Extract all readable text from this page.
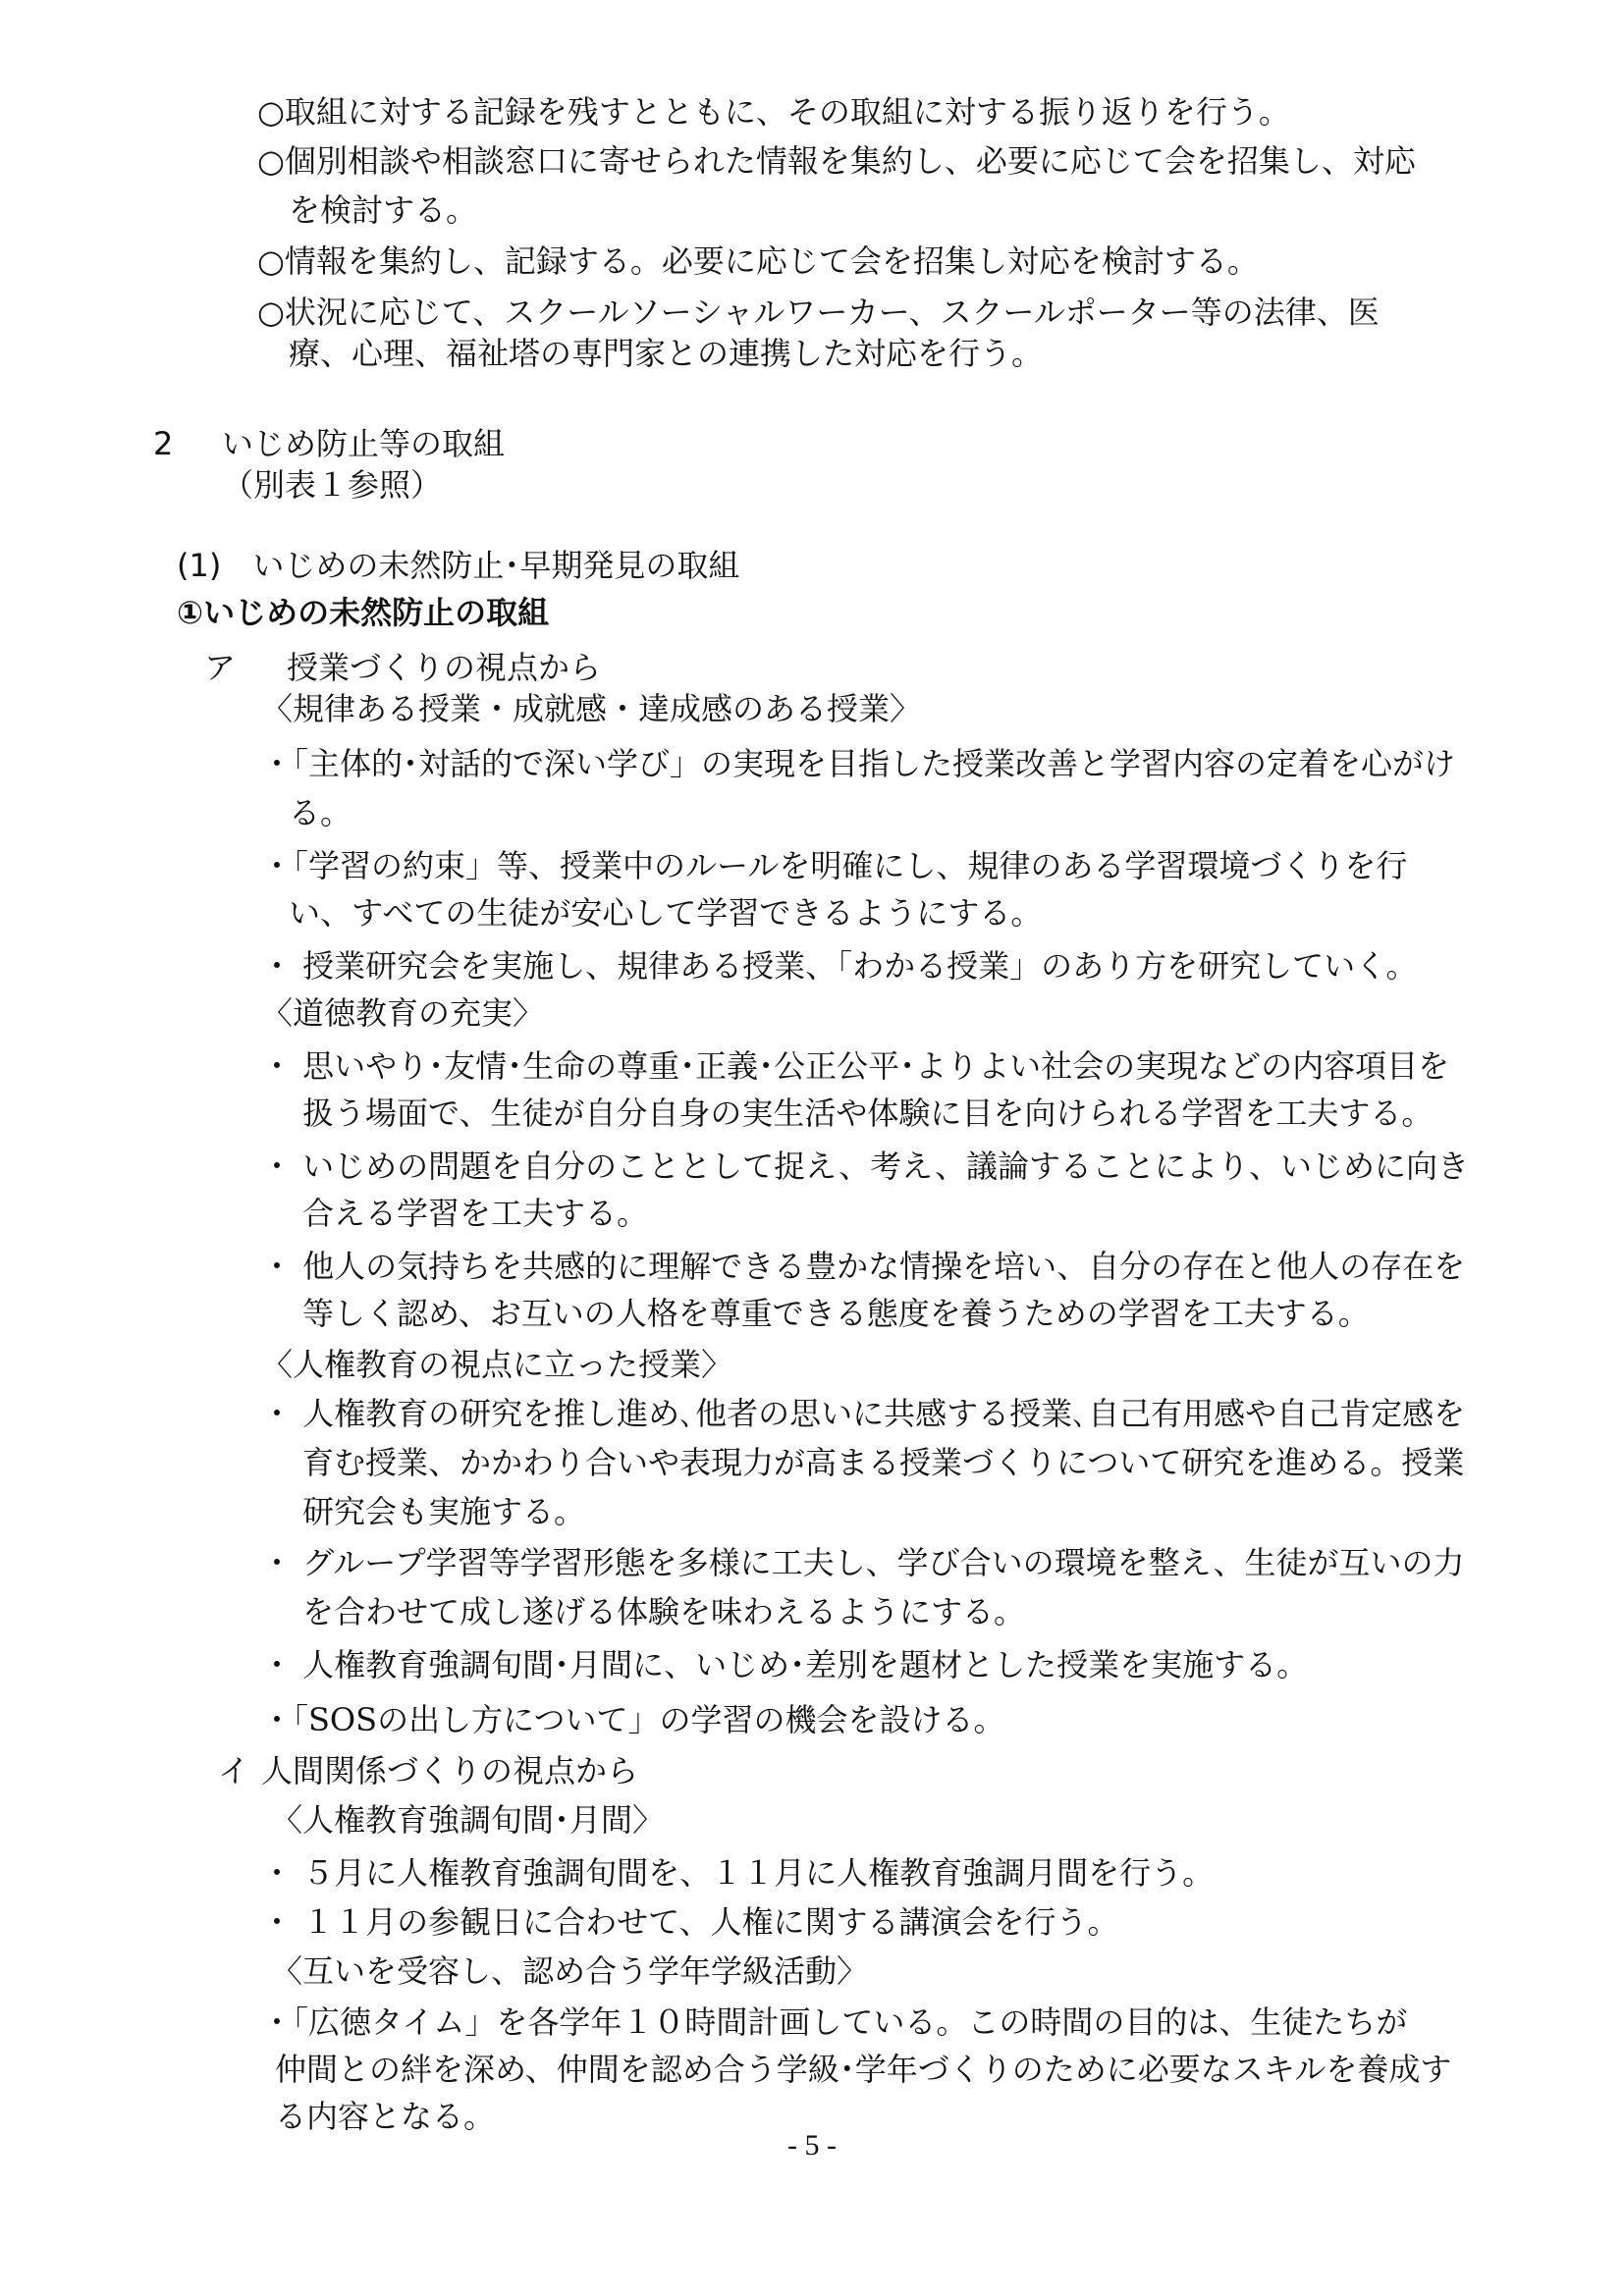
○取組に対する記録を残すとともに、その取組に対する振り返りを行う。
○個別相談や相談窓口に寄せられた情報を集約し、必要に応じて会を招集し、対応
を検討する。
○情報を集約し、記録する。必要に応じて会を招集し対応を検討する。
○状況に応じて、スクールソーシャルワーカー、スクールポーター等の法律、医
療、心理、福祉塔の専門家との連携した対応を行う。
2 いじめ防止等の取組
（別表１参照）
(1)　いじめの未然防止･早期発見の取組
①いじめの未然防止の取組
ア 授業づくりの視点から
〈規律ある授業・成就感・達成感のある授業〉
・「主体的･対話的で深い学び」の実現を目指した授業改善と学習内容の定着を心がけ
る。
・「学習の約束」等、授業中のルールを明確にし、規律のある学習環境づくりを行
い、すべての生徒が安心して学習できるようにする。
・ 授業研究会を実施し、規律ある授業、「わかる授業」のあり方を研究していく。
〈道徳教育の充実〉
・ 思いやり･友情･生命の尊重･正義･公正公平･よりよい社会の実現などの内容項目を
扱う場面で、生徒が自分自身の実生活や体験に目を向けられる学習を工夫する。
・ いじめの問題を自分のこととして捉え、考え、議論することにより、いじめに向き
合える学習を工夫する。
・ 他人の気持ちを共感的に理解できる豊かな情操を培い、自分の存在と他人の存在を
等しく認め、お互いの人格を尊重できる態度を養うための学習を工夫する。
〈人権教育の視点に立った授業〉
・ 人権教育の研究を推し進め､他者の思いに共感する授業､自己有用感や自己肯定感を
育む授業、かかわり合いや表現力が高まる授業づくりについて研究を進める。授業
研究会も実施する。
・ グループ学習等学習形態を多様に工夫し、学び合いの環境を整え、生徒が互いの力
を合わせて成し遂げる体験を味わえるようにする。
・ 人権教育強調旬間･月間に、いじめ･差別を題材とした授業を実施する。
・「SOSの出し方について」の学習の機会を設ける。
イ 人間関係づくりの視点から
〈人権教育強調旬間･月間〉
・ ５月に人権教育強調旬間を、１１月に人権教育強調月間を行う。
・ １１月の参観日に合わせて、人権に関する講演会を行う。
〈互いを受容し、認め合う学年学級活動〉
・「広徳タイム」を各学年１０時間計画している。この時間の目的は、生徒たちが
仲間との絆を深め、仲間を認め合う学級･学年づくりのために必要なスキルを養成す
る内容となる。
- 5 -
